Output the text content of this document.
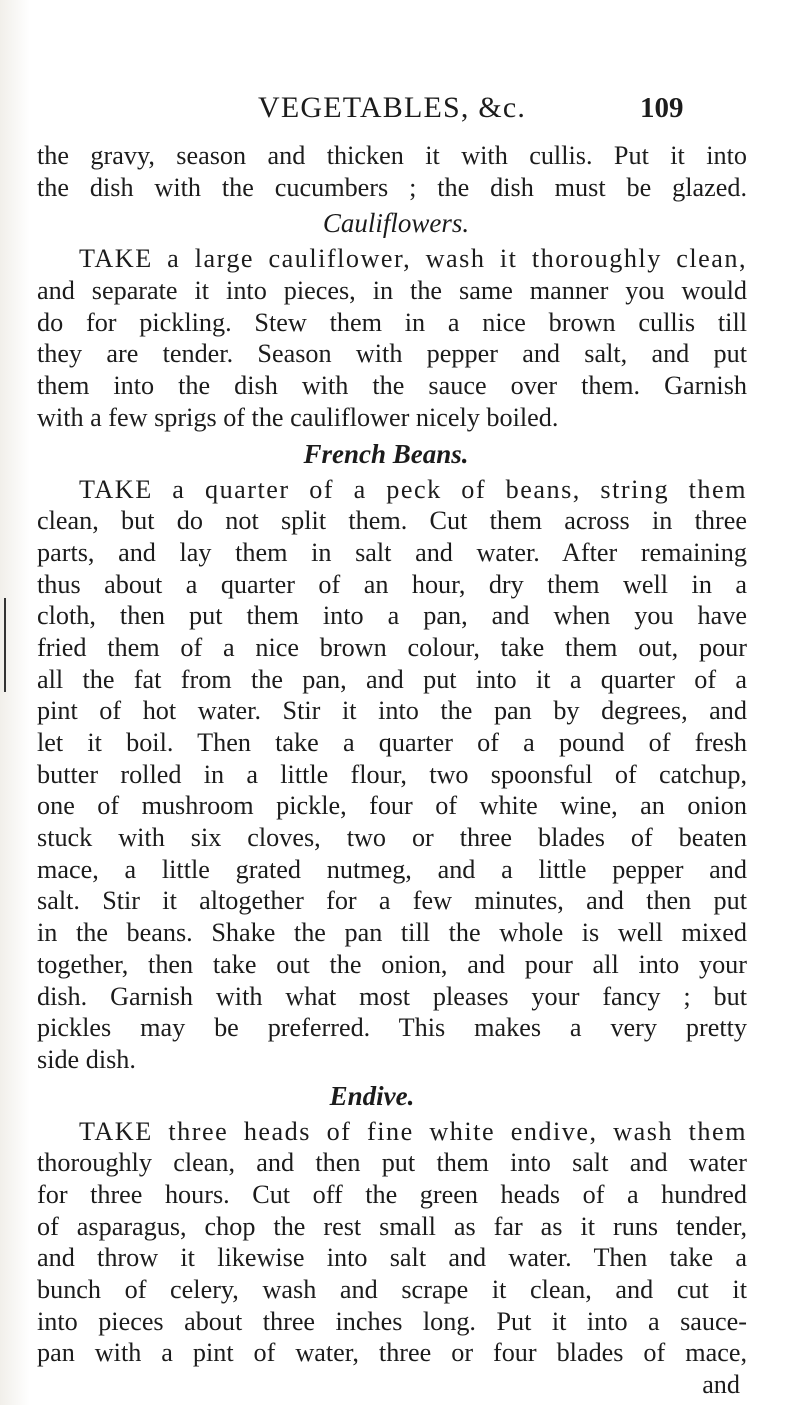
VEGETABLES, &c.	109
the gravy, season and thicken it with cullis. Put it into
the dish with the cucumbers ; the dish must be glazed.
Cauliflowers.
TAKE a large cauliflower, wash it thoroughly clean,
and separate it into pieces, in the same manner you would
do for pickling. Stew them in a nice brown cullis till
they are tender. Season with pepper and salt, and put
them into the dish with the sauce over them. Garnish
with a few sprigs of the cauliflower nicely boiled.
French Beans.
TAKE a quarter of a peck of beans, string them
clean, but do not split them. Cut them across in three
parts, and lay them in salt and water. After remaining
thus about a quarter of an hour, dry them well in a
cloth, then put them into a pan, and when you have
fried them of a nice brown colour, take them out, pour
all the fat from the pan, and put into it a quarter of a
pint of hot water. Stir it into the pan by degrees, and
let it boil. Then take a quarter of a pound of fresh
butter rolled in a little flour, two spoonsful of catchup,
one of mushroom pickle, four of white wine, an onion
stuck with six cloves, two or three blades of beaten
mace, a little grated nutmeg, and a little pepper and
salt. Stir it altogether for a few minutes, and then put
in the beans. Shake the pan till the whole is well mixed
together, then take out the onion, and pour all into your
dish. Garnish with what most pleases your fancy ; but
pickles may be preferred. This makes a very pretty
side dish.
Endive.
TAKE three heads of fine white endive, wash them
thoroughly clean, and then put them into salt and water
for three hours. Cut off the green heads of a hundred
of asparagus, chop the rest small as far as it runs tender,
and throw it likewise into salt and water. Then take a
bunch of celery, wash and scrape it clean, and cut it
into pieces about three inches long. Put it into a sauce-
pan with a pint of water, three or four blades of mace,
and
